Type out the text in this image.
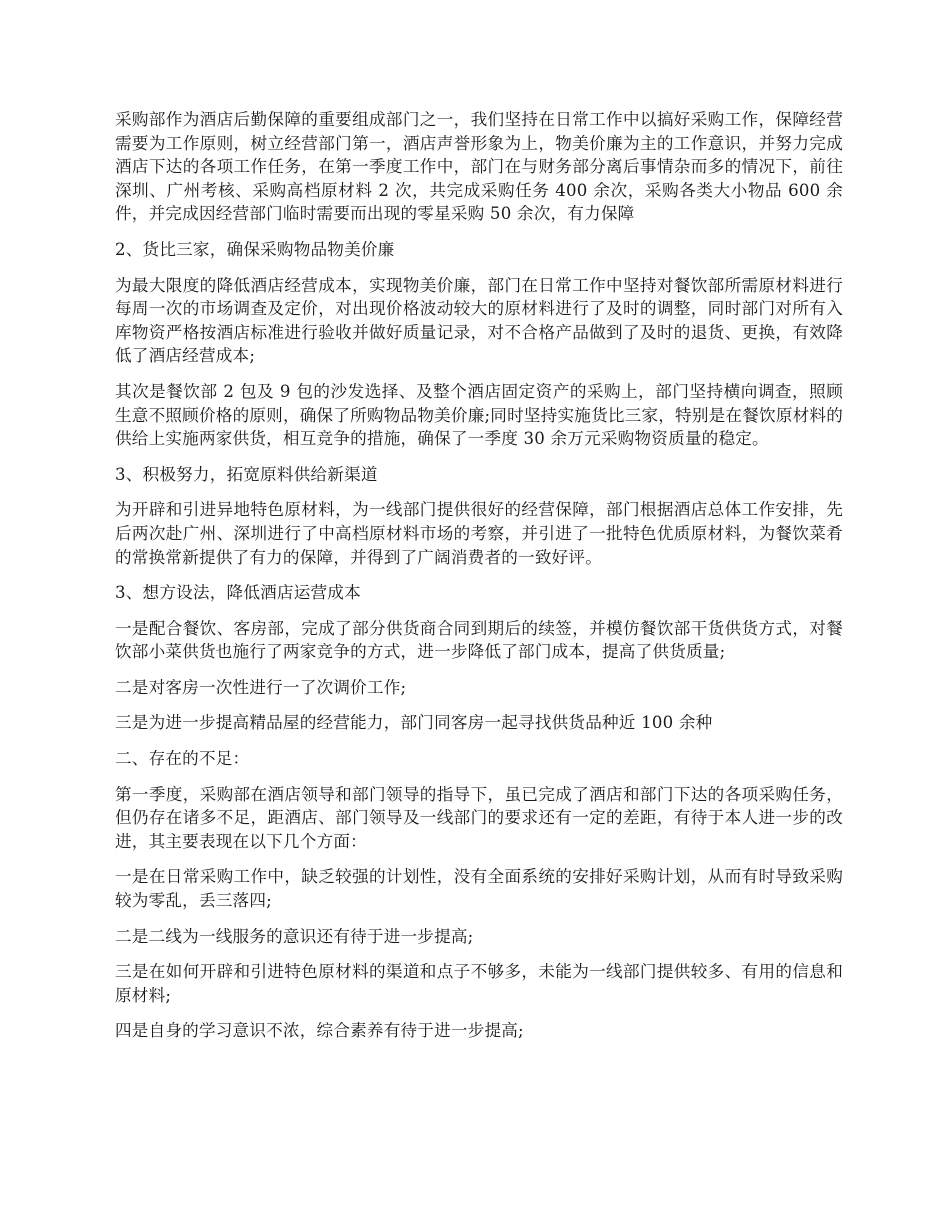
采购部作为酒店后勤保障的重要组成部门之一，我们坚持在日常工作中以搞好采购工作，保障经营需要为工作原则，树立经营部门第一，酒店声誉形象为上，物美价廉为主的工作意识，并努力完成酒店下达的各项工作任务，在第一季度工作中，部门在与财务部分离后事情杂而多的情况下，前往深圳、广州考核、采购高档原材料 2 次，共完成采购任务 400 余次，采购各类大小物品 600 余件，并完成因经营部门临时需要而出现的零星采购 50 余次，有力保障

2、货比三家，确保采购物品物美价廉

为最大限度的降低酒店经营成本，实现物美价廉，部门在日常工作中坚持对餐饮部所需原材料进行每周一次的市场调查及定价，对出现价格波动较大的原材料进行了及时的调整，同时部门对所有入库物资严格按酒店标准进行验收并做好质量记录，对不合格产品做到了及时的退货、更换，有效降低了酒店经营成本;

其次是餐饮部 2 包及 9 包的沙发选择、及整个酒店固定资产的采购上，部门坚持横向调查，照顾生意不照顾价格的原则，确保了所购物品物美价廉;同时坚持实施货比三家，特别是在餐饮原材料的供给上实施两家供货，相互竞争的措施，确保了一季度 30 余万元采购物资质量的稳定。

3、积极努力，拓宽原料供给新渠道

为开辟和引进异地特色原材料，为一线部门提供很好的经营保障，部门根据酒店总体工作安排，先后两次赴广州、深圳进行了中高档原材料市场的考察，并引进了一批特色优质原材料，为餐饮菜肴的常换常新提供了有力的保障，并得到了广阔消费者的一致好评。

3、想方设法，降低酒店运营成本

一是配合餐饮、客房部，完成了部分供货商合同到期后的续签，并模仿餐饮部干货供货方式，对餐饮部小菜供货也施行了两家竞争的方式，进一步降低了部门成本，提高了供货质量;

二是对客房一次性进行一了次调价工作;

三是为进一步提高精品屋的经营能力，部门同客房一起寻找供货品种近 100 余种

二、存在的不足：

第一季度，采购部在酒店领导和部门领导的指导下，虽已完成了酒店和部门下达的各项采购任务，但仍存在诸多不足，距酒店、部门领导及一线部门的要求还有一定的差距，有待于本人进一步的改进，其主要表现在以下几个方面：

一是在日常采购工作中，缺乏较强的计划性，没有全面系统的安排好采购计划，从而有时导致采购较为零乱，丢三落四;

二是二线为一线服务的意识还有待于进一步提高;

三是在如何开辟和引进特色原材料的渠道和点子不够多，未能为一线部门提供较多、有用的信息和原材料;

四是自身的学习意识不浓，综合素养有待于进一步提高;
